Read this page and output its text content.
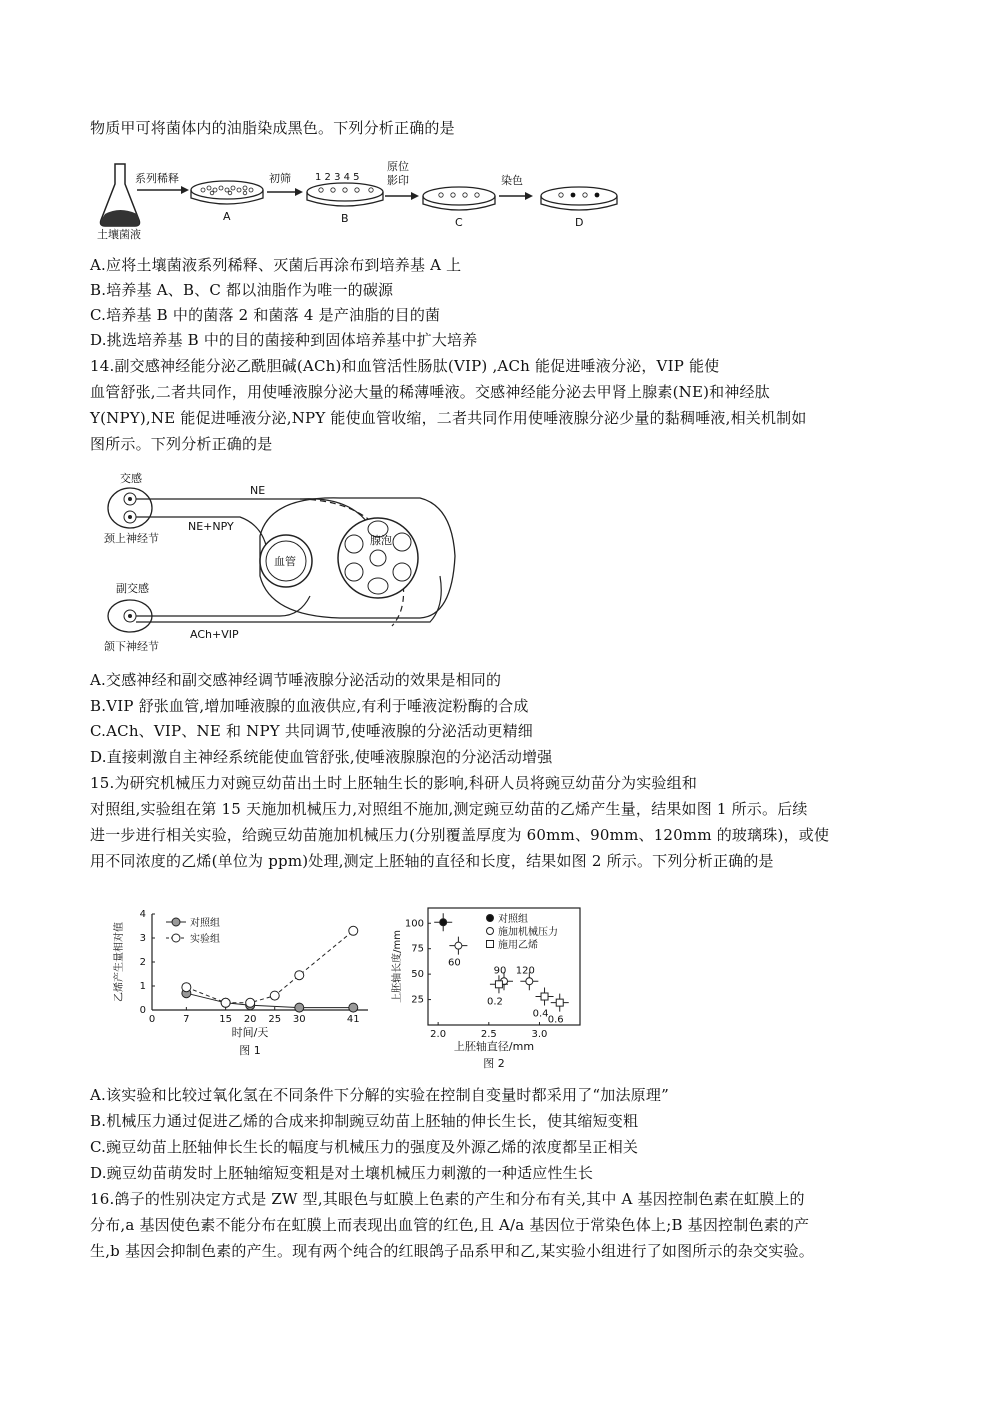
物质甲可将菌体内的油脂染成黑色。下列分析正确的是
土壤菌液
系列稀释
A
初筛 1 2 3 4 5
B
原位
影印
C
染色
D
A.应将土壤菌液系列稀释、灭菌后再涂布到培养基 A 上
B.培养基 A、B、C 都以油脂作为唯一的碳源
C.培养基 B 中的菌落 2 和菌落 4 是产油脂的目的菌
D.挑选培养基 B 中的目的菌接种到固体培养基中扩大培养
14.副交感神经能分泌乙酰胆碱(ACh)和血管活性肠肽(VIP) ,ACh 能促进唾液分泌，VIP 能使
血管舒张,二者共同作，用使唾液腺分泌大量的稀薄唾液。交感神经能分泌去甲肾上腺素(NE)和神经肽
Y(NPY),NE 能促进唾液分泌,NPY 能使血管收缩，二者共同作用使唾液腺分泌少量的黏稠唾液,相关机制如
图所示。下列分析正确的是
交感
颈上神经节
NE
NE+NPY
副交感
颌下神经节
ACh+VIP
血管
腺泡
A.交感神经和副交感神经调节唾液腺分泌活动的效果是相同的
B.VIP 舒张血管,增加唾液腺的血液供应,有利于唾液淀粉酶的合成
C.ACh、VIP、NE 和 NPY 共同调节,使唾液腺的分泌活动更精细
D.直接刺激自主神经系统能使血管舒张,使唾液腺腺泡的分泌活动增强
15.为研究机械压力对豌豆幼苗出土时上胚轴生长的影响,科研人员将豌豆幼苗分为实验组和
对照组,实验组在第 15 天施加机械压力,对照组不施加,测定豌豆幼苗的乙烯产生量，结果如图 1 所示。后续
进一步进行相关实验，给豌豆幼苗施加机械压力(分别覆盖厚度为 60mm、90mm、120mm 的玻璃珠)，或使
用不同浓度的乙烯(单位为 ppm)处理,测定上胚轴的直径和长度，结果如图 2 所示。下列分析正确的是
0	7	15 20 25 30	41
0
1
2
3
4
时间/天
乙烯产生量相对值
图 1
对照组
实验组
2.0	2.5	3.0
25
50
75
100
上胚轴直径/mm
上胚轴长度/mm
图 2
对照组
施加机械压力
施用乙烯
60
90 120
0.2
0.4
0.6
A.该实验和比较过氧化氢在不同条件下分解的实验在控制自变量时都采用了“加法原理”
B.机械压力通过促进乙烯的合成来抑制豌豆幼苗上胚轴的伸长生长，使其缩短变粗
C.豌豆幼苗上胚轴伸长生长的幅度与机械压力的强度及外源乙烯的浓度都呈正相关
D.豌豆幼苗萌发时上胚轴缩短变粗是对土壤机械压力刺激的一种适应性生长
16.鸽子的性别决定方式是 ZW 型,其眼色与虹膜上色素的产生和分布有关,其中 A 基因控制色素在虹膜上的
分布,a 基因使色素不能分布在虹膜上而表现出血管的红色,且 A/a 基因位于常染色体上;B 基因控制色素的产
生,b 基因会抑制色素的产生。现有两个纯合的红眼鸽子品系甲和乙,某实验小组进行了如图所示的杂交实验。
